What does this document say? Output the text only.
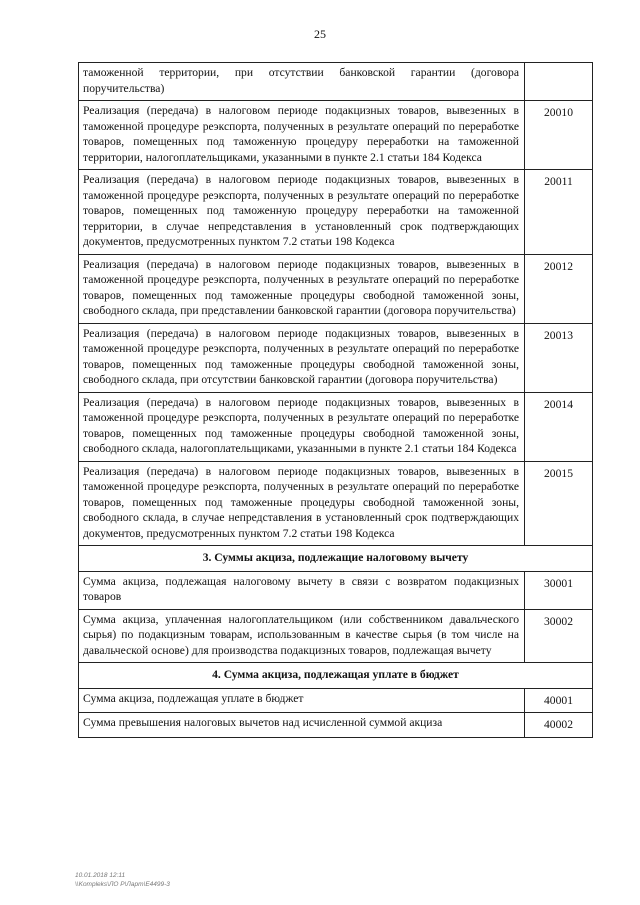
25
таможенной территории, при отсутствии банковской гарантии (договора поручительства)	
Реализация (передача) в налоговом периоде подакцизных товаров, вывезенных в таможенной процедуре реэкспорта, полученных в результате операций по переработке товаров, помещенных под таможенную процедуру переработки на таможенной территории, налогоплательщиками, указанными в пункте 2.1 статьи 184 Кодекса	20010
Реализация (передача) в налоговом периоде подакцизных товаров, вывезенных в таможенной процедуре реэкспорта, полученных в результате операций по переработке товаров, помещенных под таможенную процедуру переработки на таможенной территории, в случае непредставления в установленный срок подтверждающих документов, предусмотренных пунктом 7.2 статьи 198 Кодекса	20011
Реализация (передача) в налоговом периоде подакцизных товаров, вывезенных в таможенной процедуре реэкспорта, полученных в результате операций по переработке товаров, помещенных под таможенные процедуры свободной таможенной зоны, свободного склада, при представлении банковской гарантии (договора поручительства)	20012
Реализация (передача) в налоговом периоде подакцизных товаров, вывезенных в таможенной процедуре реэкспорта, полученных в результате операций по переработке товаров, помещенных под таможенные процедуры свободной таможенной зоны, свободного склада, при отсутствии банковской гарантии (договора поручительства)	20013
Реализация (передача) в налоговом периоде подакцизных товаров, вывезенных в таможенной процедуре реэкспорта, полученных в результате операций по переработке товаров, помещенных под таможенные процедуры свободной таможенной зоны, свободного склада, налогоплательщиками, указанными в пункте 2.1 статьи 184 Кодекса	20014
Реализация (передача) в налоговом периоде подакцизных товаров, вывезенных в таможенной процедуре реэкспорта, полученных в результате операций по переработке товаров, помещенных под таможенные процедуры свободной таможенной зоны, свободного склада, в случае непредставления в установленный срок подтверждающих документов, предусмотренных пунктом 7.2 статьи 198 Кодекса	20015
3. Суммы акциза, подлежащие налоговому вычету	
Сумма акциза, подлежащая налоговому вычету в связи с возвратом подакцизных товаров	30001
Сумма акциза, уплаченная налогоплательщиком (или собственником давальческого сырья) по подакцизным товарам, использованным в качестве сырья (в том числе на давальческой основе) для производства подакцизных товаров, подлежащая вычету	30002
4. Сумма акциза, подлежащая уплате в бюджет	
Сумма акциза, подлежащая уплате в бюджет	40001
Сумма превышения налоговых вычетов над исчисленной суммой акциза	40002
10.01.2018 12:11
\\Kompleks\ЛО Р\Ларт\Е4499-3
